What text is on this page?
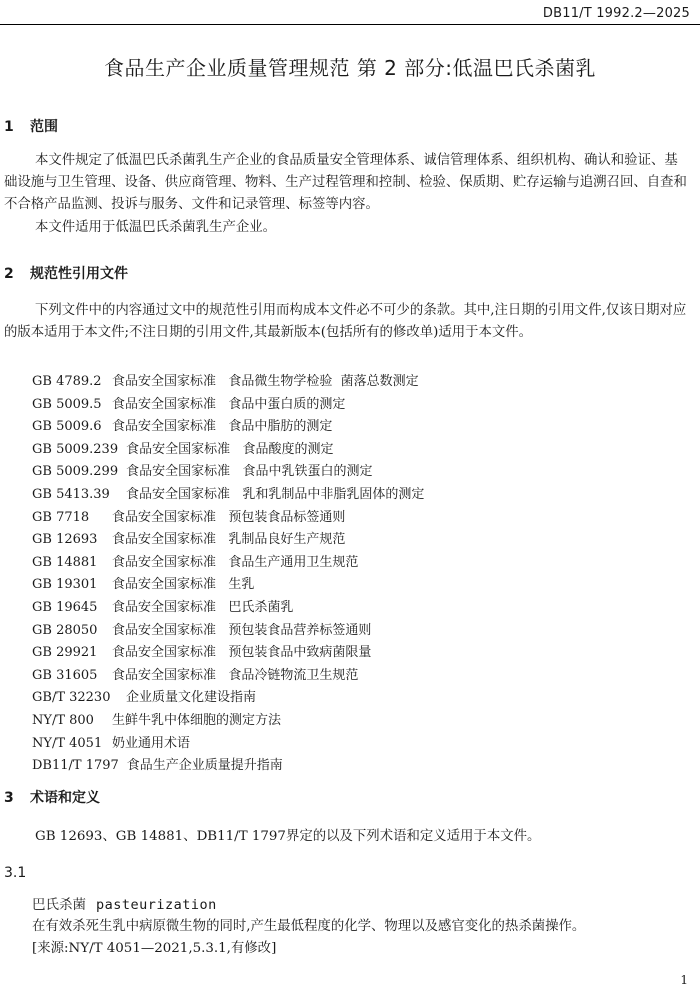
DB11/T 1992.2—2025
食品生产企业质量管理规范 第 2 部分:低温巴氏杀菌乳
1 范围
本文件规定了低温巴氏杀菌乳生产企业的食品质量安全管理体系、诚信管理体系、组织机构、确认和验证、基础设施与卫生管理、设备、供应商管理、物料、生产过程管理和控制、检验、保质期、贮存运输与追溯召回、自查和不合格产品监测、投诉与服务、文件和记录管理、标签等内容。
本文件适用于低温巴氏杀菌乳生产企业。
2 规范性引用文件
下列文件中的内容通过文中的规范性引用而构成本文件必不可少的条款。其中,注日期的引用文件,仅该日期对应的版本适用于本文件;不注日期的引用文件,其最新版本(包括所有的修改单)适用于本文件。
GB 4789.2 食品安全国家标准   食品微生物学检验  菌落总数测定
GB 5009.5 食品安全国家标准   食品中蛋白质的测定
GB 5009.6 食品安全国家标准   食品中脂肪的测定
GB 5009.239 食品安全国家标准   食品酸度的测定
GB 5009.299 食品安全国家标准   食品中乳铁蛋白的测定
GB 5413.39 食品安全国家标准   乳和乳制品中非脂乳固体的测定
GB 7718 食品安全国家标准   预包装食品标签通则
GB 12693 食品安全国家标准   乳制品良好生产规范
GB 14881 食品安全国家标准   食品生产通用卫生规范
GB 19301 食品安全国家标准   生乳
GB 19645 食品安全国家标准   巴氏杀菌乳
GB 28050 食品安全国家标准   预包装食品营养标签通则
GB 29921 食品安全国家标准   预包装食品中致病菌限量
GB 31605 食品安全国家标准   食品冷链物流卫生规范
GB/T 32230 企业质量文化建设指南
NY/T 800 生鲜牛乳中体细胞的测定方法
NY/T 4051 奶业通用术语
DB11/T 1797 食品生产企业质量提升指南
3 术语和定义
GB 12693、GB 14881、DB11/T 1797界定的以及下列术语和定义适用于本文件。
3.1
巴氏杀菌 pasteurization
在有效杀死生乳中病原微生物的同时,产生最低程度的化学、物理以及感官变化的热杀菌操作。
[来源:NY/T 4051—2021,5.3.1,有修改]
1
